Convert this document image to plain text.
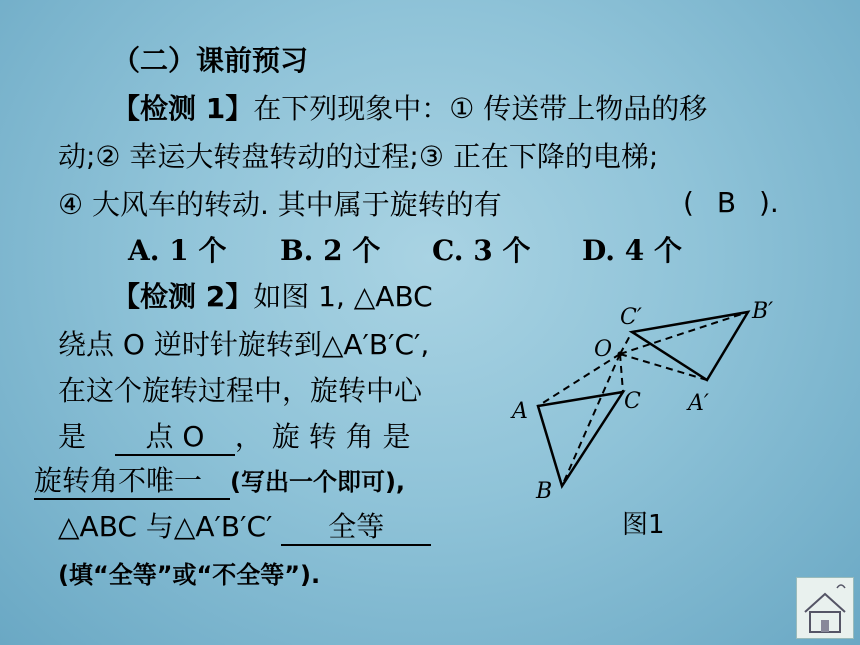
（二）课前预习
【检测 1】在下列现象中：① 传送带上物品的移
动;② 幸运大转盘转动的过程;③ 正在下降的电梯;
④ 大风车的转动. 其中属于旋转的有	( B ).
A. 1 个 B. 2 个 C. 3 个 D. 4 个
【检测 2】如图 1, △ABC
绕点 O 逆时针旋转到△A′B′C′,
在这个旋转过程中，旋转中心
是 点 O ， 旋 转 角 是
旋转角不唯一 (写出一个即可),
△ABC 与△A′B′C′ 全等
(填“全等”或“不全等”).
O
A
B
C A′
B′
C′
图1
